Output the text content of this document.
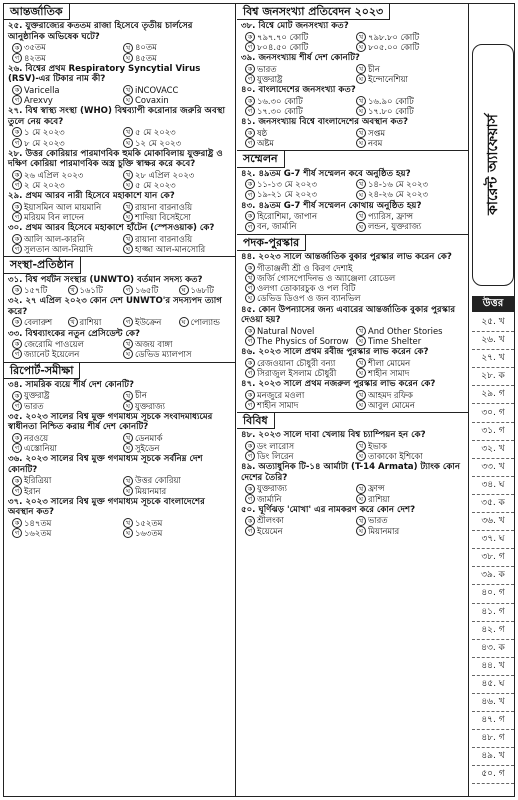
আন্তর্জাতিক
২৫. যুক্তরাজ্যের কততম রাজা হিসেবে তৃতীয় চার্লসের আনুষ্ঠানিক অভিষেক ঘটে?
ক ৩৫তম	খ ৪০তম
গ ৪২তম	ঘ ৪৫তম
২৬. বিশ্বের প্রথম Respiratory Syncytial Virus (RSV)-এর টিকার নাম কী?
ক Varicella	খ iNCOVACC
গ Arexvy	ঘ Covaxin
২৭. বিশ্ব স্বাস্থ্য সংস্থা (WHO) বিশ্বব্যাপী করোনার জরুরি অবস্থা তুলে নেয় কবে?
ক ১ মে ২০২৩	খ ৫ মে ২০২৩
গ ৮ মে ২০২৩	ঘ ১২ মে ২০২৩
২৮. উত্তর কোরিয়ার পারমাণবিক হুমকি মোকাবিলায় যুক্তরাষ্ট্র ও দক্ষিণ কোরিয়া পারমাণবিক অস্ত্র চুক্তি স্বাক্ষর করে কবে?
ক ২৬ এপ্রিল ২০২৩	খ ২৮ এপ্রিল ২০২৩
গ ২ মে ২০২৩	ঘ ৫ মে ২০২৩
২৯. প্রথম আরব নারী হিসেবে মহাকাশে যান কে?
ক ইয়াসমিন আল মায়মানি	খ রায়ানা বারনাওয়ি
গ মরিয়ম বিন লাদেন	ঘ শাদিয়া বিসেইসো
৩০. প্রথম আরব হিসেবে মহাকাশে হাঁটেন (স্পেসওয়াক) কে?
ক আলি আল-কারনি	খ রায়ানা বারনাওয়ি
গ সুলতান আল-নিয়াদি	ঘ হাজ্জা আল-মানসোরি
সংস্থা-প্রতিষ্ঠান
৩১. বিশ্ব পর্যটন সংস্থার (UNWTO) বর্তমান সদস্য কত?
ক ১৫৭টি	খ ১৬১টি	গ ১৬৫টি	ঘ ১৬৮টি
৩২. ২৭ এপ্রিল ২০২৩ কোন দেশ UNWTO'র সদস্যপদ ত্যাগ করে?
ক বেলারুশ	খ রাশিয়া	গ ইউক্রেন	ঘ পোল্যান্ড
৩৩. বিশ্বব্যাংকের নতুন প্রেসিডেন্ট কে?
ক জেরোমি পাওয়েল	খ অজয় বাঙ্গা
গ জ্যানেট ইয়েলেন	ঘ ডেভিড ম্যালপাস
রিপোর্ট-সমীক্ষা
৩৪. সামরিক ব্যয়ে শীর্ষ দেশ কোনটি?
ক যুক্তরাষ্ট্র	খ চীন
গ ভারত	ঘ যুক্তরাজ্য
৩৫. ২০২৩ সালের বিশ্ব মুক্ত গণমাধ্যম সূচকে সংবাদমাধ্যমের স্বাধীনতা নিশ্চিত করায় শীর্ষ দেশ কোনটি?
ক নরওয়ে	খ ডেনমার্ক
গ এস্তোনিয়া	ঘ সুইডেন
৩৬. ২০২৩ সালের বিশ্ব মুক্ত গণমাধ্যম সূচকে সর্বনিম্ন দেশ কোনটি?
ক ইরিত্রিয়া	খ উত্তর কোরিয়া
গ ইরান	ঘ মিয়ানমার
৩৭. ২০২৩ সালের বিশ্ব মুক্ত গণমাধ্যম সূচকে বাংলাদেশের অবস্থান কত?
ক ১৪৭তম	খ ১৫২তম
গ ১৬২তম	ঘ ১৬৩তম
বিশ্ব জনসংখ্যা প্রতিবেদন ২০২৩
৩৮. বিশ্বে মোট জনসংখ্যা কত?
ক ৭৯৭.৭০ কোটি	খ ৭৯৮.৮০ কোটি
গ ৮০৪.৫০ কোটি	ঘ ৮০৫.০০ কোটি
৩৯. জনসংখ্যায় শীর্ষ দেশ কোনটি?
ক ভারত	খ চীন
গ যুক্তরাষ্ট্র	ঘ ইন্দোনেশিয়া
৪০. বাংলাদেশের জনসংখ্যা কত?
ক ১৬.৩০ কোটি	খ ১৬.৯০ কোটি
গ ১৭.৩০ কোটি	ঘ ১৭.৮০ কোটি
৪১. জনসংখ্যায় বিশ্বে বাংলাদেশের অবস্থান কত?
ক ষষ্ঠ	খ সপ্তম
গ অষ্টম	ঘ নবম
সম্মেলন
৪২. ৪৯তম G-7 শীর্ষ সম্মেলন কবে অনুষ্ঠিত হয়?
ক ১১-১৩ মে ২০২৩	খ ১৪-১৬ মে ২০২৩
গ ১৯-২১ মে ২০২৩	ঘ ২৪-২৬ মে ২০২৩
৪৩. ৪৯তম G-7 শীর্ষ সম্মেলন কোথায় অনুষ্ঠিত হয়?
ক হিরোশিমা, জাপান	খ প্যারিস, ফ্রান্স
গ বন, জার্মানি	ঘ লন্ডন, যুক্তরাজ্য
পদক-পুরস্কার
৪৪. ২০২৩ সালে আন্তর্জাতিক বুকার পুরস্কার লাভ করেন কে?
ক গীতাঞ্জলী শ্রী ও কিরণ দেশাই
খ জর্জি গোসপোদিনভ ও অ্যাঞ্জেলা রোডেল
গ ওলগা তোকারচুক ও পল বিটি
ঘ ডেভিড ডিওপ ও জন ব্যানভিল
৪৫. কোন উপন্যাসের জন্য এবারের আন্তর্জাতিক বুকার পুরস্কার দেওয়া হয়?
ক Natural Novel	খ And Other Stories
গ The Physics of Sorrow	ঘ Time Shelter
৪৬. ২০২৩ সালে প্রথম রবীন্দ্র পুরস্কার লাভ করেন কে?
ক রেজওয়ানা চৌধুরী বন্যা	খ শীলা মোমেন
গ সিরাজুল ইসলাম চৌধুরী	ঘ শাহীন সামাদ
৪৭. ২০২৩ সালে প্রথম নজরুল পুরস্কার লাভ করেন কে?
ক মনজুরে মওলা	খ আহমদ রফিক
গ শাহীন সামাদ	ঘ আবুল মোমেন
বিবিধ
৪৮. ২০২৩ সালে দাবা খেলায় বিশ্ব চ্যাম্পিয়ন হন কে?
ক ডং লারোস	খ ইভাক
গ ডিং লিরেন	ঘ তাকাকো ইশিকো
৪৯. অত্যাধুনিক টি-১৪ আর্মাটা (T-14 Armata) ট্যাংক কোন দেশের তৈরি?
ক যুক্তরাজ্য	খ ফ্রান্স
গ জার্মানি	ঘ রাশিয়া
৫০. ঘূর্ণিঝড় 'মোখা' এর নামকরণ করে কোন দেশ?
ক শ্রীলংকা	খ ভারত
গ ইয়েমেন	ঘ মিয়ানমার
কারেন্ট অ্যাফেয়ার্স
উত্তর
২৫. খ
২৬. খ
২৭. খ
২৮. ক
২৯. গ
৩০. গ
৩১. গ
৩২. খ
৩৩. খ
৩৪. ঘ
৩৫. ক
৩৬. খ
৩৭. ঘ
৩৮. গ
৩৯. ক
৪০. গ
৪১. গ
৪২. গ
৪৩. ক
৪৪. খ
৪৫. ঘ
৪৬. খ
৪৭. গ
৪৮. গ
৪৯. খ
৫০. গ
